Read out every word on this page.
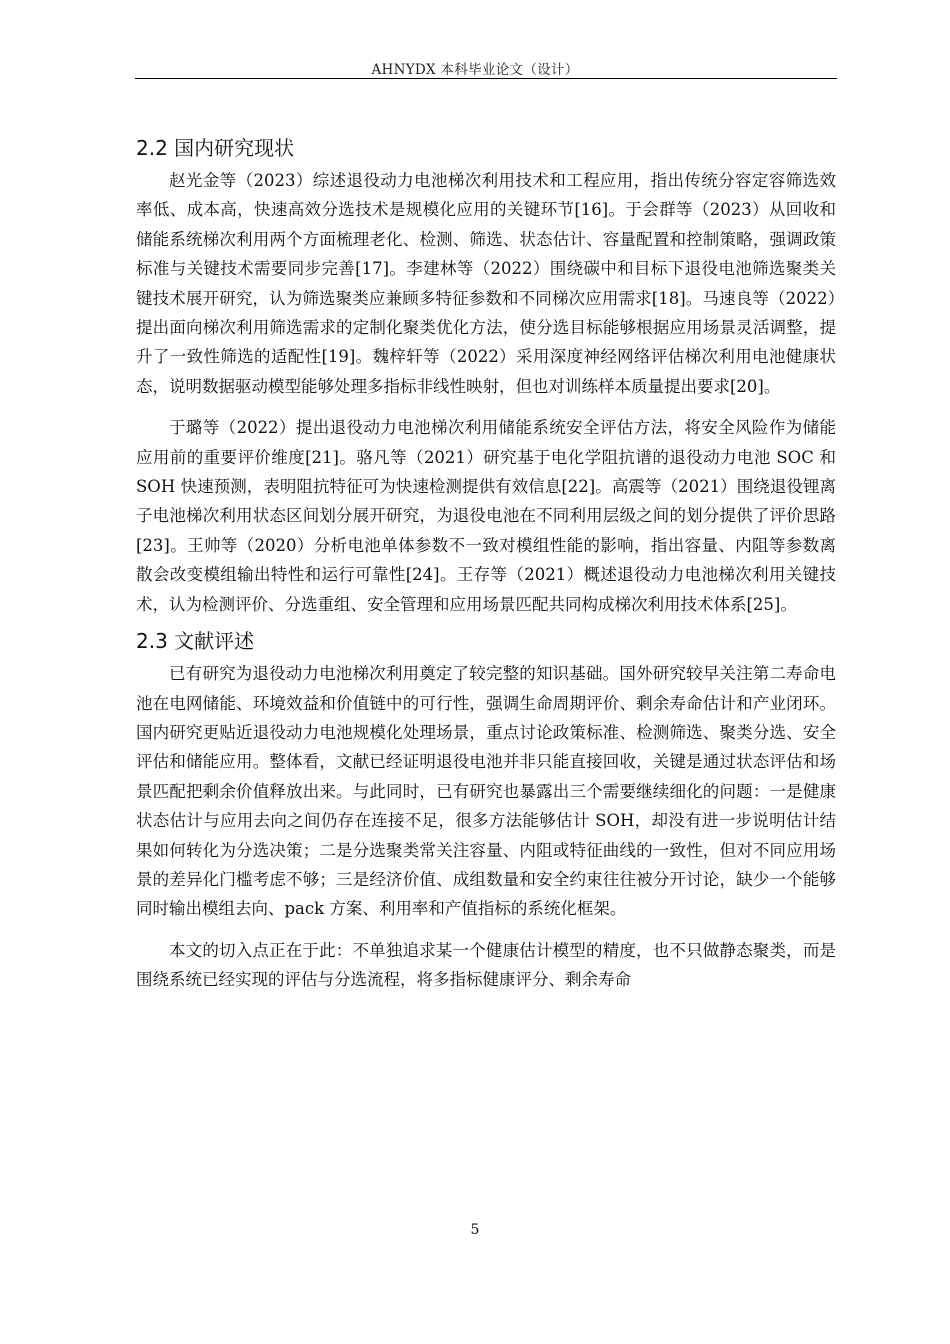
AHNYDX 本科毕业论文（设计）
2.2 国内研究现状

赵光金等（2023）综述退役动力电池梯次利用技术和工程应用，指出传统分容定容筛选效率低、成本高，快速高效分选技术是规模化应用的关键环节[16]。于会群等（2023）从回收和储能系统梯次利用两个方面梳理老化、检测、筛选、状态估计、容量配置和控制策略，强调政策标准与关键技术需要同步完善[17]。李建林等（2022）围绕碳中和目标下退役电池筛选聚类关键技术展开研究，认为筛选聚类应兼顾多特征参数和不同梯次应用需求[18]。马速良等（2022）提出面向梯次利用筛选需求的定制化聚类优化方法，使分选目标能够根据应用场景灵活调整，提升了一致性筛选的适配性[19]。魏梓轩等（2022）采用深度神经网络评估梯次利用电池健康状态，说明数据驱动模型能够处理多指标非线性映射，但也对训练样本质量提出要求[20]。

于璐等（2022）提出退役动力电池梯次利用储能系统安全评估方法，将安全风险作为储能应用前的重要评价维度[21]。骆凡等（2021）研究基于电化学阻抗谱的退役动力电池 SOC 和 SOH 快速预测，表明阻抗特征可为快速检测提供有效信息[22]。高震等（2021）围绕退役锂离子电池梯次利用状态区间划分展开研究，为退役电池在不同利用层级之间的划分提供了评价思路[23]。王帅等（2020）分析电池单体参数不一致对模组性能的影响，指出容量、内阻等参数离散会改变模组输出特性和运行可靠性[24]。王存等（2021）概述退役动力电池梯次利用关键技术，认为检测评价、分选重组、安全管理和应用场景匹配共同构成梯次利用技术体系[25]。

2.3 文献评述

已有研究为退役动力电池梯次利用奠定了较完整的知识基础。国外研究较早关注第二寿命电池在电网储能、环境效益和价值链中的可行性，强调生命周期评价、剩余寿命估计和产业闭环。国内研究更贴近退役动力电池规模化处理场景，重点讨论政策标准、检测筛选、聚类分选、安全评估和储能应用。整体看，文献已经证明退役电池并非只能直接回收，关键是通过状态评估和场景匹配把剩余价值释放出来。与此同时，已有研究也暴露出三个需要继续细化的问题：一是健康状态估计与应用去向之间仍存在连接不足，很多方法能够估计 SOH，却没有进一步说明估计结果如何转化为分选决策；二是分选聚类常关注容量、内阻或特征曲线的一致性，但对不同应用场景的差异化门槛考虑不够；三是经济价值、成组数量和安全约束往往被分开讨论，缺少一个能够同时输出模组去向、pack 方案、利用率和产值指标的系统化框架。

本文的切入点正在于此：不单独追求某一个健康估计模型的精度，也不只做静态聚类，而是围绕系统已经实现的评估与分选流程，将多指标健康评分、剩余寿命

5
